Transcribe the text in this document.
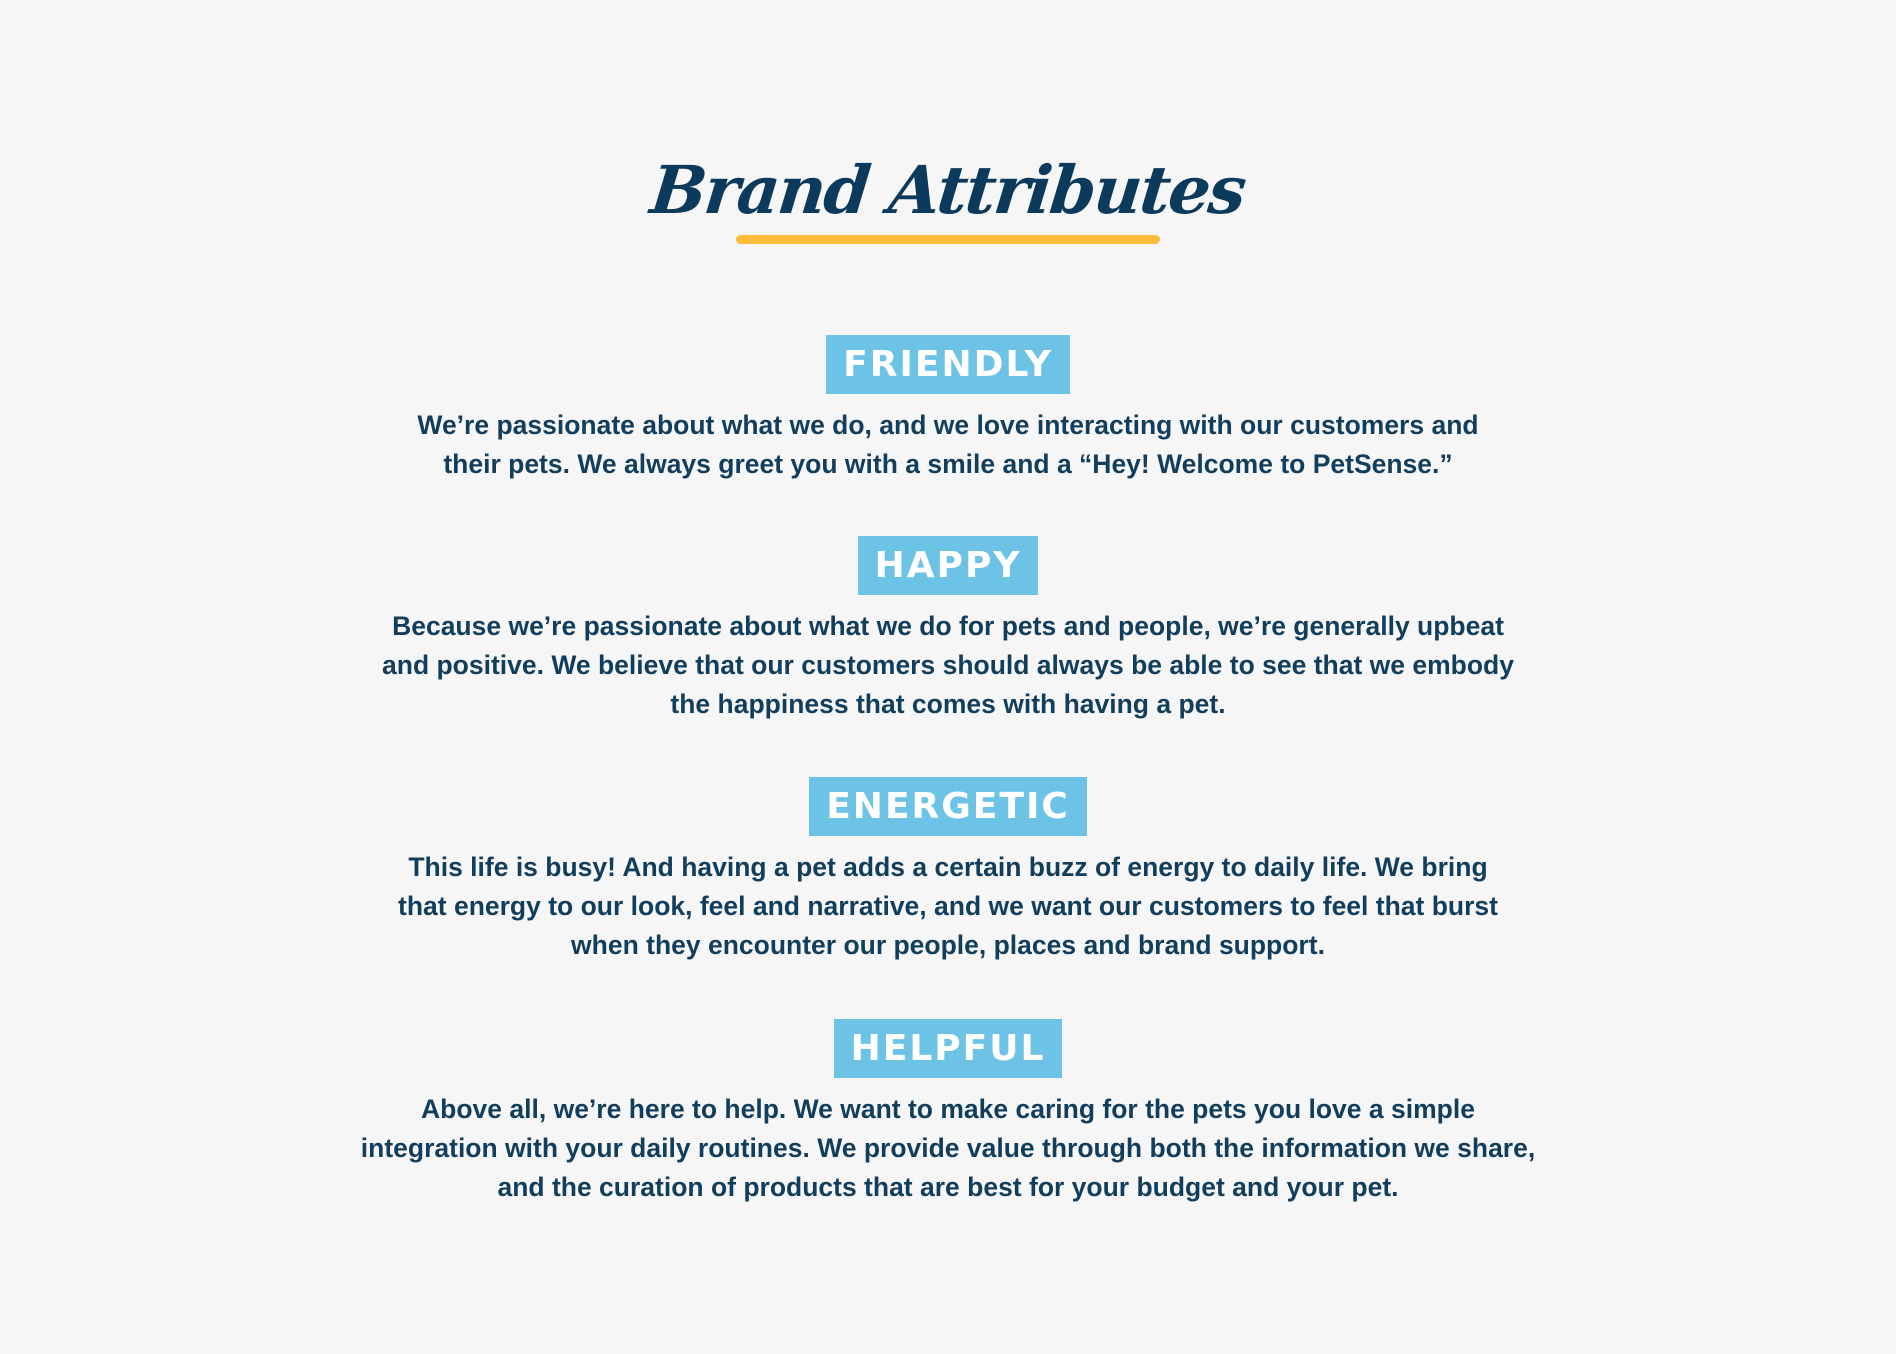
Brand Attributes
FRIENDLY
We’re passionate about what we do, and we love interacting with our customers and their pets. We always greet you with a smile and a “Hey! Welcome to PetSense.”
HAPPY
Because we’re passionate about what we do for pets and people, we’re generally upbeat and positive. We believe that our customers should always be able to see that we embody the happiness that comes with having a pet.
ENERGETIC
This life is busy! And having a pet adds a certain buzz of energy to daily life. We bring that energy to our look, feel and narrative, and we want our customers to feel that burst when they encounter our people, places and brand support.
HELPFUL
Above all, we’re here to help. We want to make caring for the pets you love a simple integration with your daily routines. We provide value through both the information we share, and the curation of products that are best for your budget and your pet.
